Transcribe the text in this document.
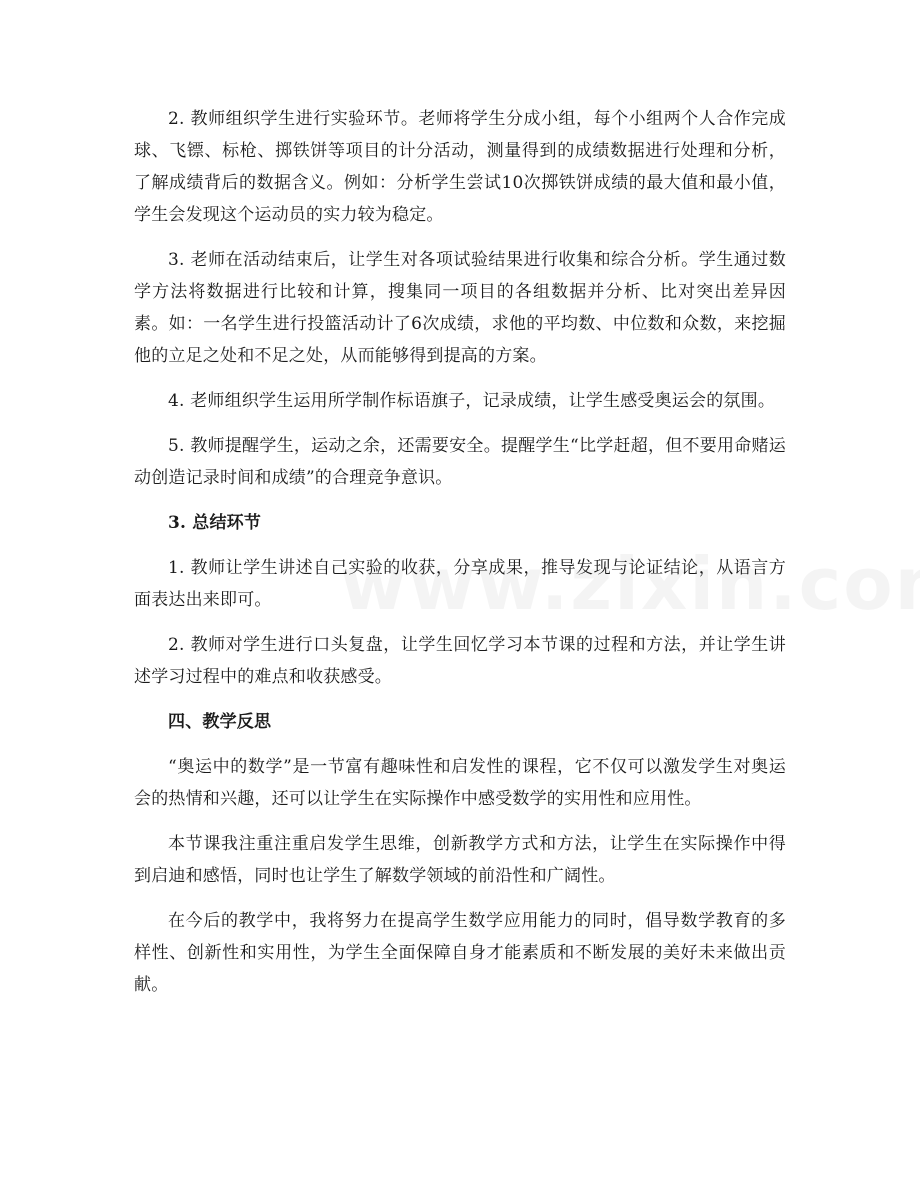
2. 教师组织学生进行实验环节。老师将学生分成小组，每个小组两个人合作完成球、飞镖、标枪、掷铁饼等项目的计分活动，测量得到的成绩数据进行处理和分析，了解成绩背后的数据含义。例如：分析学生尝试10次掷铁饼成绩的最大值和最小值，学生会发现这个运动员的实力较为稳定。

3. 老师在活动结束后，让学生对各项试验结果进行收集和综合分析。学生通过数学方法将数据进行比较和计算，搜集同一项目的各组数据并分析、比对突出差异因素。如：一名学生进行投篮活动计了6次成绩，求他的平均数、中位数和众数，来挖掘他的立足之处和不足之处，从而能够得到提高的方案。

4. 老师组织学生运用所学制作标语旗子，记录成绩，让学生感受奥运会的氛围。

5. 教师提醒学生，运动之余，还需要安全。提醒学生“比学赶超，但不要用命赌运动创造记录时间和成绩”的合理竞争意识。

3. 总结环节

1. 教师让学生讲述自己实验的收获，分享成果，推导发现与论证结论，从语言方面表达出来即可。

2. 教师对学生进行口头复盘，让学生回忆学习本节课的过程和方法，并让学生讲述学习过程中的难点和收获感受。

四、教学反思

“奥运中的数学”是一节富有趣味性和启发性的课程，它不仅可以激发学生对奥运会的热情和兴趣，还可以让学生在实际操作中感受数学的实用性和应用性。

本节课我注重注重启发学生思维，创新教学方式和方法，让学生在实际操作中得到启迪和感悟，同时也让学生了解数学领域的前沿性和广阔性。

在今后的教学中，我将努力在提高学生数学应用能力的同时，倡导数学教育的多样性、创新性和实用性，为学生全面保障自身才能素质和不断发展的美好未来做出贡献。
